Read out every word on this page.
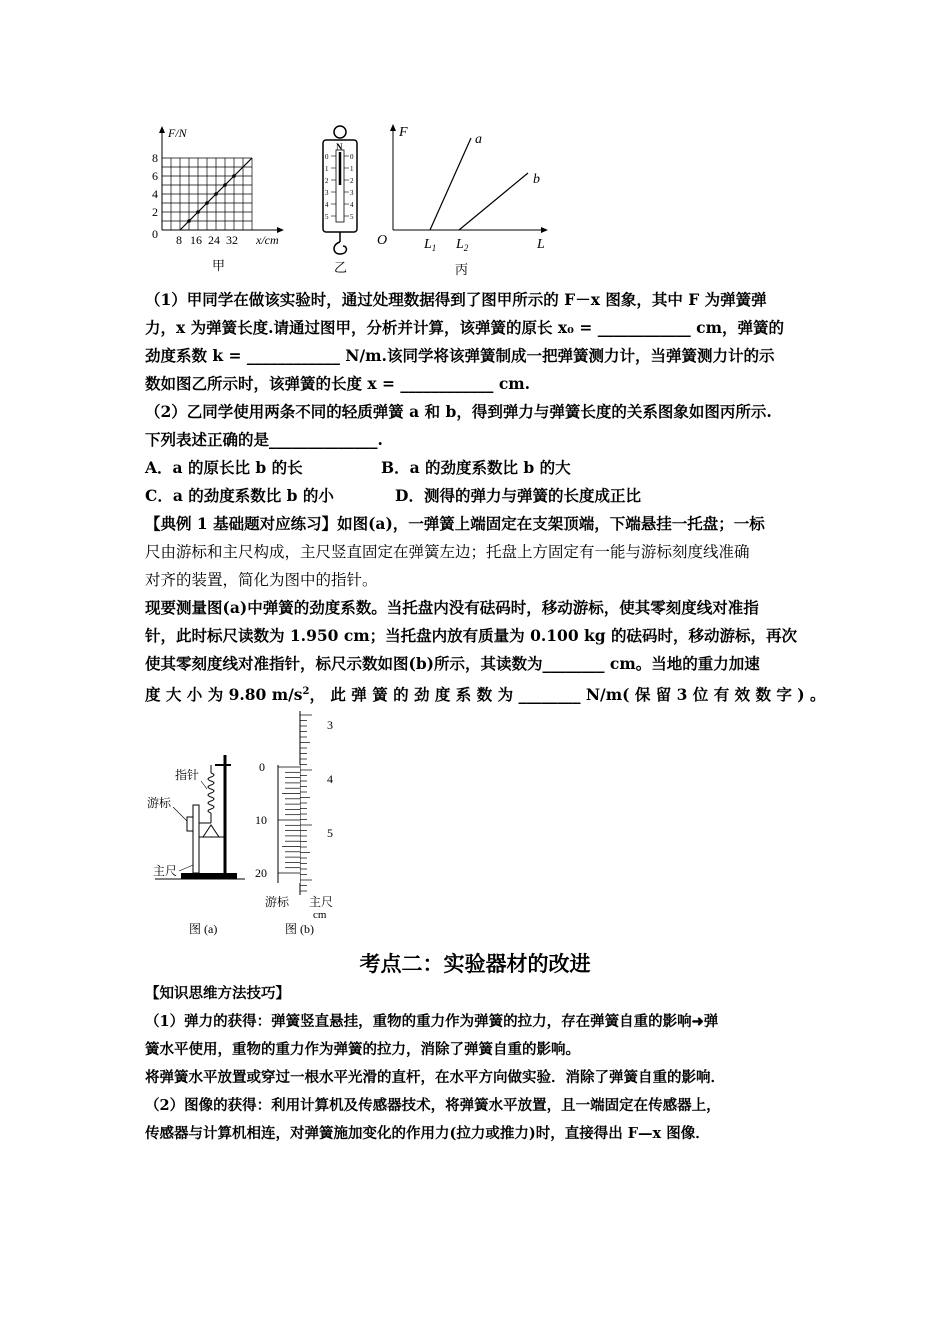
F/N
x/cm
8
6
4
2
0 8 16 24 32
甲
N
0
1
2
3
4
5
0
1
2
3
4
5
乙
F
L
O
a
b
$L_1$ $L_2$
丙
（1）甲同学在做该实验时，通过处理数据得到了图甲所示的 F－x 图象，其中 F 为弹簧弹
力，x 为弹簧长度.请通过图甲，分析并计算，该弹簧的原长 x₀ = ____________ cm，弹簧的
劲度系数 k = ____________ N/m.该同学将该弹簧制成一把弹簧测力计，当弹簧测力计的示
数如图乙所示时，该弹簧的长度 x = ____________ cm.
（2）乙同学使用两条不同的轻质弹簧 a 和 b，得到弹力与弹簧长度的关系图象如图丙所示.
下列表述正确的是______________.
A．a 的原长比 b 的长	B．a 的劲度系数比 b 的大
C．a 的劲度系数比 b 的小	D．测得的弹力与弹簧的长度成正比
【典例 1 基础题对应练习】如图(a)，一弹簧上端固定在支架顶端，下端悬挂一托盘；一标
尺由游标和主尺构成，主尺竖直固定在弹簧左边；托盘上方固定有一能与游标刻度线准确
对齐的装置，简化为图中的指针。
现要测量图(a)中弹簧的劲度系数。当托盘内没有砝码时，移动游标，使其零刻度线对准指
针，此时标尺读数为 1.950 cm；当托盘内放有质量为 0.100 kg 的砝码时，移动游标，再次
使其零刻度线对准指针，标尺示数如图(b)所示，其读数为________ cm。当地的重力加速
度 大 小 为 9.80 $m/s^2$， 此 弹 簧 的 劲 度 系 数 为 ________ N/m( 保 留 3 位 有 效 数 字 ) 。
指针
游标
主尺
图 (a)
3
4
5
0
10
20
游标 主尺
cm
图 (b)
考点二：实验器材的改进
【知识思维方法技巧】
（1）弹力的获得：弹簧竖直悬挂，重物的重力作为弹簧的拉力，存在弹簧自重的影响➜弹
簧水平使用，重物的重力作为弹簧的拉力，消除了弹簧自重的影响。
将弹簧水平放置或穿过一根水平光滑的直杆，在水平方向做实验．消除了弹簧自重的影响．
（2）图像的获得：利用计算机及传感器技术，将弹簧水平放置，且一端固定在传感器上，
传感器与计算机相连，对弹簧施加变化的作用力(拉力或推力)时，直接得出 F—x 图像．
